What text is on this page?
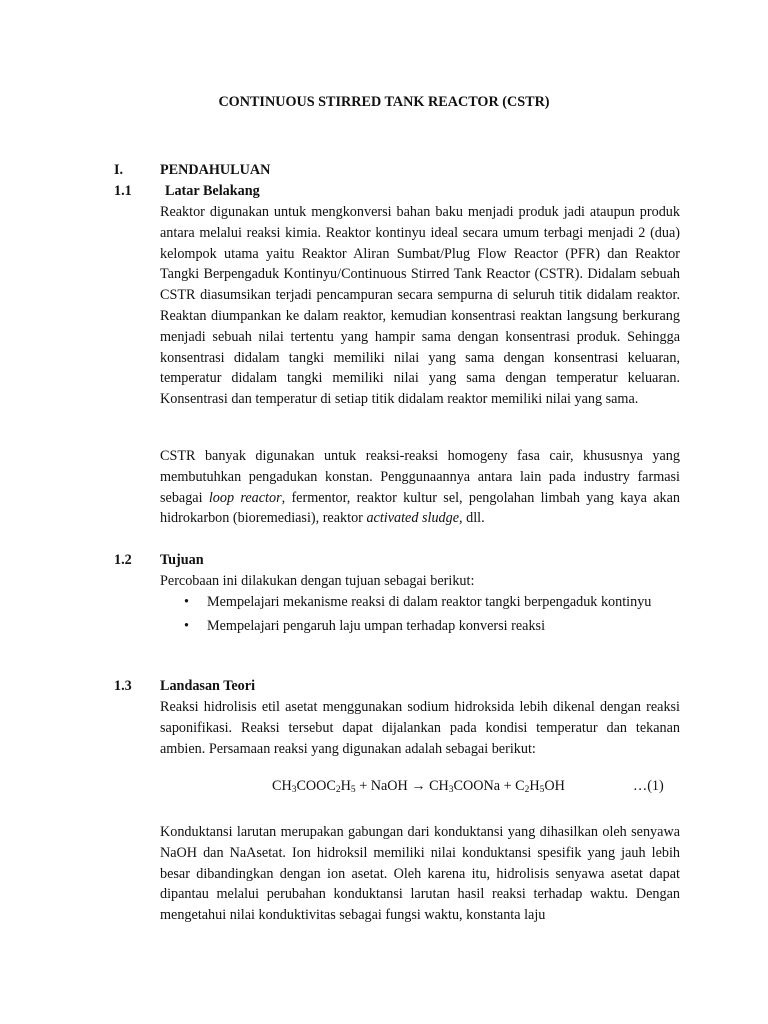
CONTINUOUS STIRRED TANK REACTOR (CSTR)
I.	PENDAHULUAN
1.1 Latar Belakang

Reaktor digunakan untuk mengkonversi bahan baku menjadi produk jadi ataupun produk antara melalui reaksi kimia. Reaktor kontinyu ideal secara umum terbagi menjadi 2 (dua) kelompok utama yaitu Reaktor Aliran Sumbat/Plug Flow Reactor (PFR) dan Reaktor Tangki Berpengaduk Kontinyu/Continuous Stirred Tank Reactor (CSTR). Didalam sebuah CSTR diasumsikan terjadi pencampuran secara sempurna di seluruh titik didalam reaktor. Reaktan diumpankan ke dalam reaktor, kemudian konsentrasi reaktan langsung berkurang menjadi sebuah nilai tertentu yang hampir sama dengan konsentrasi produk. Sehingga konsentrasi didalam tangki memiliki nilai yang sama dengan konsentrasi keluaran, temperatur didalam tangki memiliki nilai yang sama dengan temperatur keluaran. Konsentrasi dan temperatur di setiap titik didalam reaktor memiliki nilai yang sama.

CSTR banyak digunakan untuk reaksi-reaksi homogeny fasa cair, khususnya yang membutuhkan pengadukan konstan. Penggunaannya antara lain pada industry farmasi sebagai loop reactor, fermentor, reaktor kultur sel, pengolahan limbah yang kaya akan hidrokarbon (bioremediasi), reaktor activated sludge, dll.

1.2 Tujuan

Percobaan ini dilakukan dengan tujuan sebagai berikut:

• Mempelajari mekanisme reaksi di dalam reaktor tangki berpengaduk kontinyu
• Mempelajari pengaruh laju umpan terhadap konversi reaksi
1.3 Landasan Teori

Reaksi hidrolisis etil asetat menggunakan sodium hidroksida lebih dikenal dengan reaksi saponifikasi. Reaksi tersebut dapat dijalankan pada kondisi temperatur dan tekanan ambien. Persamaan reaksi yang digunakan adalah sebagai berikut:

$CH_3COOC_2H_5$ + NaOH → $CH_3COONa + C_2H_5OH$	…(1)

Konduktansi larutan merupakan gabungan dari konduktansi yang dihasilkan oleh senyawa NaOH dan NaAsetat. Ion hidroksil memiliki nilai konduktansi spesifik yang jauh lebih besar dibandingkan dengan ion asetat. Oleh karena itu, hidrolisis senyawa asetat dapat dipantau melalui perubahan konduktansi larutan hasil reaksi terhadap waktu. Dengan mengetahui nilai konduktivitas sebagai fungsi waktu, konstanta laju
